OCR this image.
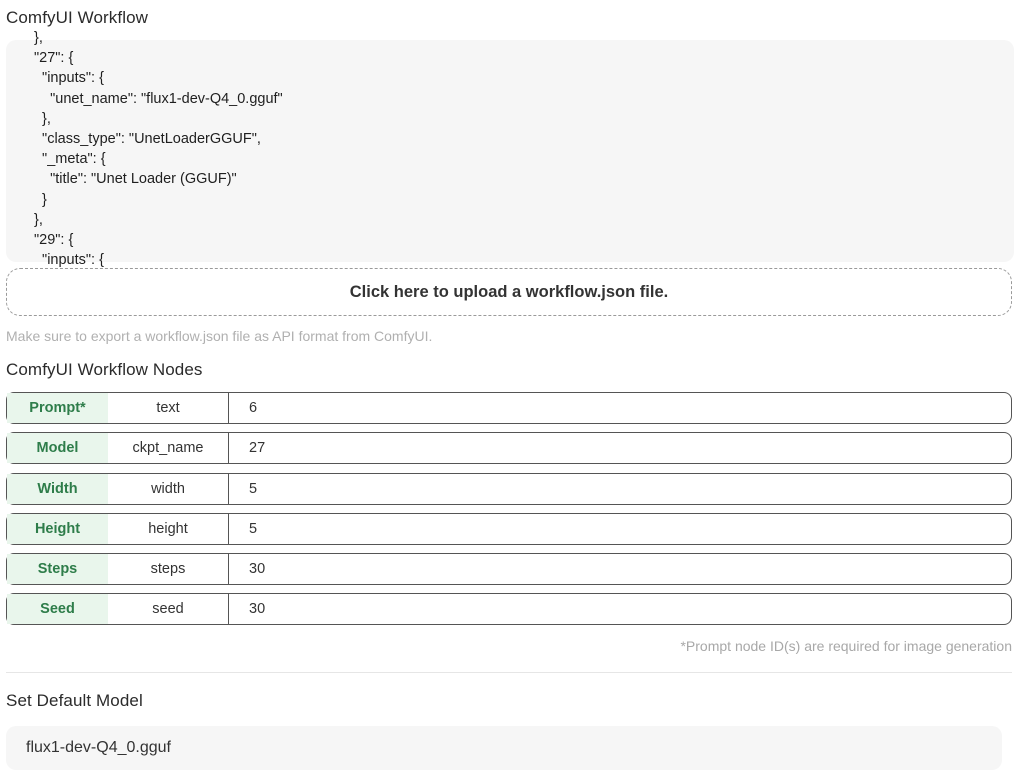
ComfyUI Workflow
},
"27": {
"inputs": {
"unet_name": "flux1-dev-Q4_0.gguf"
},
"class_type": "UnetLoaderGGUF",
"_meta": {
"title": "Unet Loader (GGUF)"
}
},
"29": {
"inputs": {
Click here to upload a workflow.json file.
Make sure to export a workflow.json file as API format from ComfyUI.
ComfyUI Workflow Nodes
Prompt*	text	6
Model	ckpt_name	27
Width	width	5
Height	height	5
Steps	steps	30
Seed	seed	30
*Prompt node ID(s) are required for image generation
Set Default Model
flux1-dev-Q4_0.gguf
